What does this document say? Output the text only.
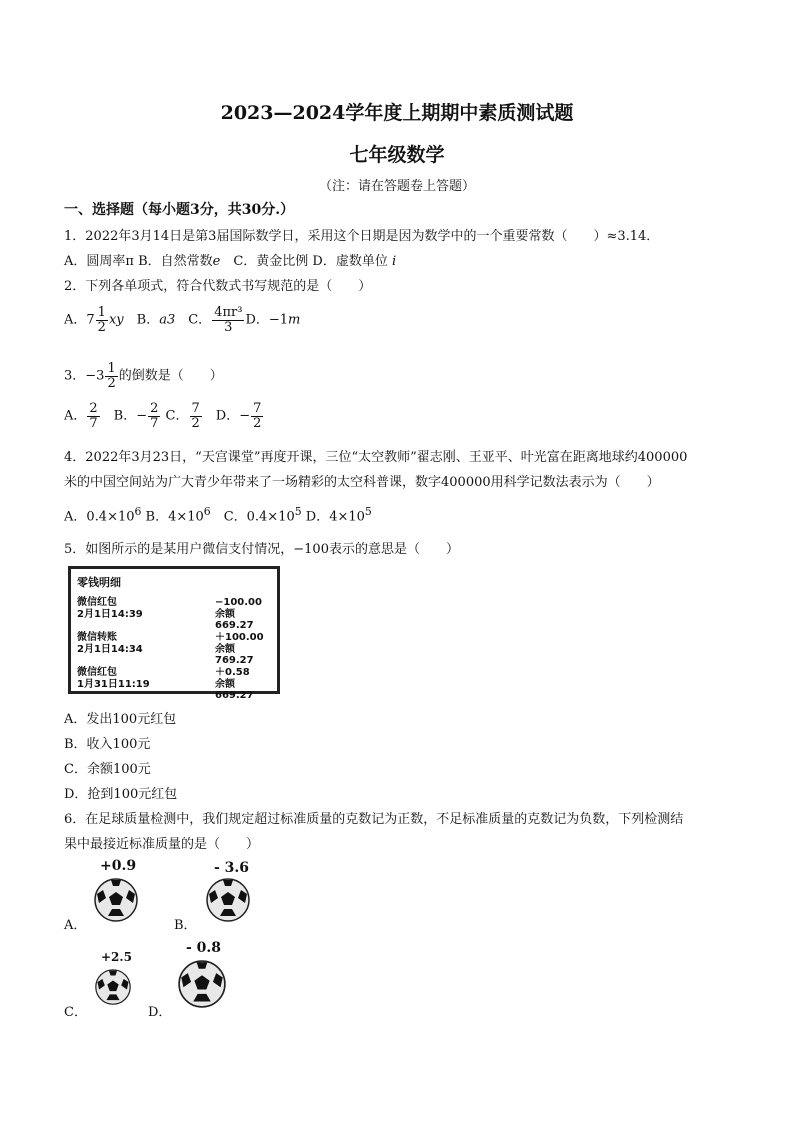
2023—2024学年度上期期中素质测试题
七年级数学
（注：请在答题卷上答题）
一、选择题（每小题3分，共30分.）
1．2022年3月14日是第3届国际数学日，采用这个日期是因为数学中的一个重要常数（　　）≈3.14．
A．圆周率π B．自然常数e　C．黄金比例 D．虚数单位 i
2．下列各单项式，符合代数式书写规范的是（　　）
A．$7 \frac{1}{2}$ xy　B．a3　C． $\frac{\text{4πr³}}{3}$ D．−1m
3．$-3 \frac{1}{2}$ 的倒数是（　　）
A． $\frac{2}{7}$ 　B．− $\frac{2}{7}$ C． $\frac{7}{2}$ 　D．− $\frac{7}{2}$
4．2022年3月23日，“天宫课堂”再度开课，三位“太空教师”翟志刚、王亚平、叶光富在距离地球约400000
米的中国空间站为广大青少年带来了一场精彩的太空科普课，数字400000用科学记数法表示为（　　）
A．$0.4\times 10^6$ B．$4\times 10^6$　C．$0.4\times 10^5$ D．$4\times 10^5$
5．如图所示的是某用户微信支付情况，−100表示的意思是（　　）
零钱明细
微信红包
2月1日14:39
−100.00
余额669.27
微信转账
2月1日14:34
＋100.00
余额769.27
微信红包
1月31日11:19
＋0.58
余额669.27
A．发出100元红包
B．收入100元
C．余额100元
D．抢到100元红包
6．在足球质量检测中，我们规定超过标准质量的克数记为正数，不足标准质量的克数记为负数，下列检测结
果中最接近标准质量的是（　　）
+0.9
A．
- 3.6
B．
+2.5
C．
- 0.8
D．
